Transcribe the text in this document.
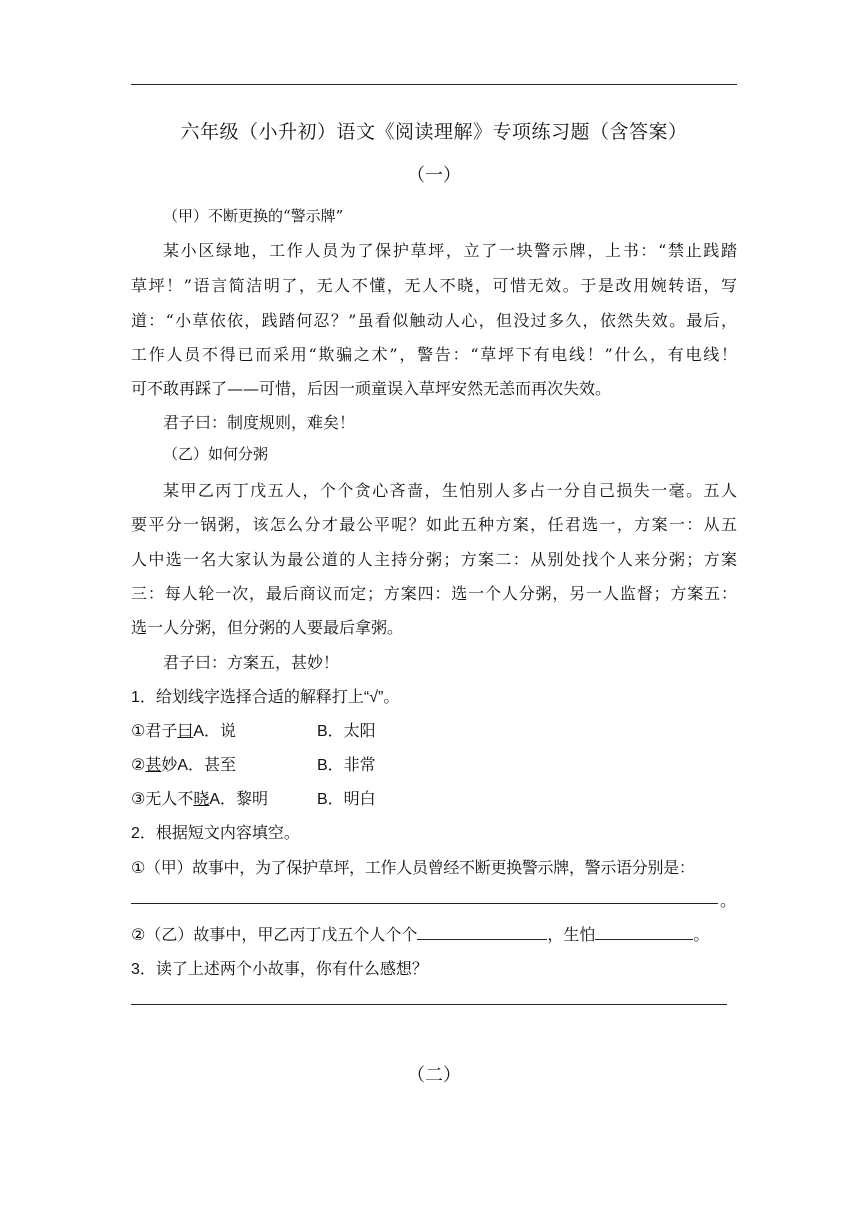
六年级（小升初）语文《阅读理解》专项练习题（含答案）
（一）
（甲）不断更换的“警示牌”
某小区绿地，工作人员为了保护草坪，立了一块警示牌，上书：“禁止践踏
草坪！”语言简洁明了，无人不懂，无人不晓，可惜无效。于是改用婉转语，写
道：“小草依依，践踏何忍？”虽看似触动人心，但没过多久，依然失效。最后，
工作人员不得已而采用“欺骗之术”，警告：“草坪下有电线！”什么，有电线！
可不敢再踩了——可惜，后因一顽童误入草坪安然无恙而再次失效。
君子曰：制度规则，难矣！
（乙）如何分粥
某甲乙丙丁戊五人，个个贪心吝啬，生怕别人多占一分自己损失一毫。五人
要平分一锅粥，该怎么分才最公平呢？如此五种方案，任君选一，方案一：从五
人中选一名大家认为最公道的人主持分粥；方案二：从别处找个人来分粥；方案
三：每人轮一次，最后商议而定；方案四：选一个人分粥，另一人监督；方案五：
选一人分粥，但分粥的人要最后拿粥。
君子曰：方案五，甚妙！
1．给划线字选择合适的解释打上“√”。
①君子曰A．说	B．太阳
②甚妙A．甚至	B．非常
③无人不晓A．黎明	B．明白
2．根据短文内容填空。
①（甲）故事中，为了保护草坪，工作人员曾经不断更换警示牌，警示语分别是：
。
②（乙）故事中，甲乙丙丁戊五个人个个	，生怕	。
3．读了上述两个小故事，你有什么感想？
（二）
